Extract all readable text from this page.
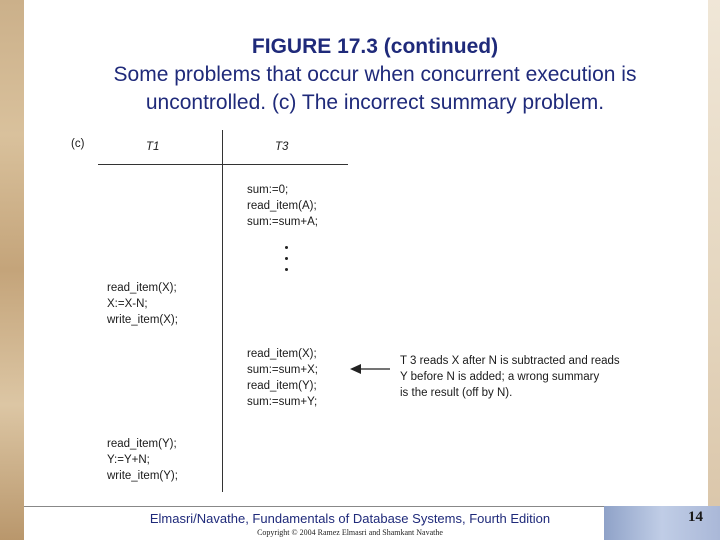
FIGURE 17.3 (continued)
Some problems that occur when concurrent execution is
uncontrolled. (c) The incorrect summary problem.
(c)	T1	T3
sum:=0;
read_item(A);
sum:=sum+A;
read_item(X);
X:=X-N;
write_item(X);
read_item(X);
sum:=sum+X;
read_item(Y);
sum:=sum+Y;
T 3 reads X after N is subtracted and reads
Y before N is added; a wrong summary
is the result (off by N).
read_item(Y);
Y:=Y+N;
write_item(Y);
Elmasri/Navathe, Fundamentals of Database Systems, Fourth Edition
Copyright © 2004 Ramez Elmasri and Shamkant Navathe
14
